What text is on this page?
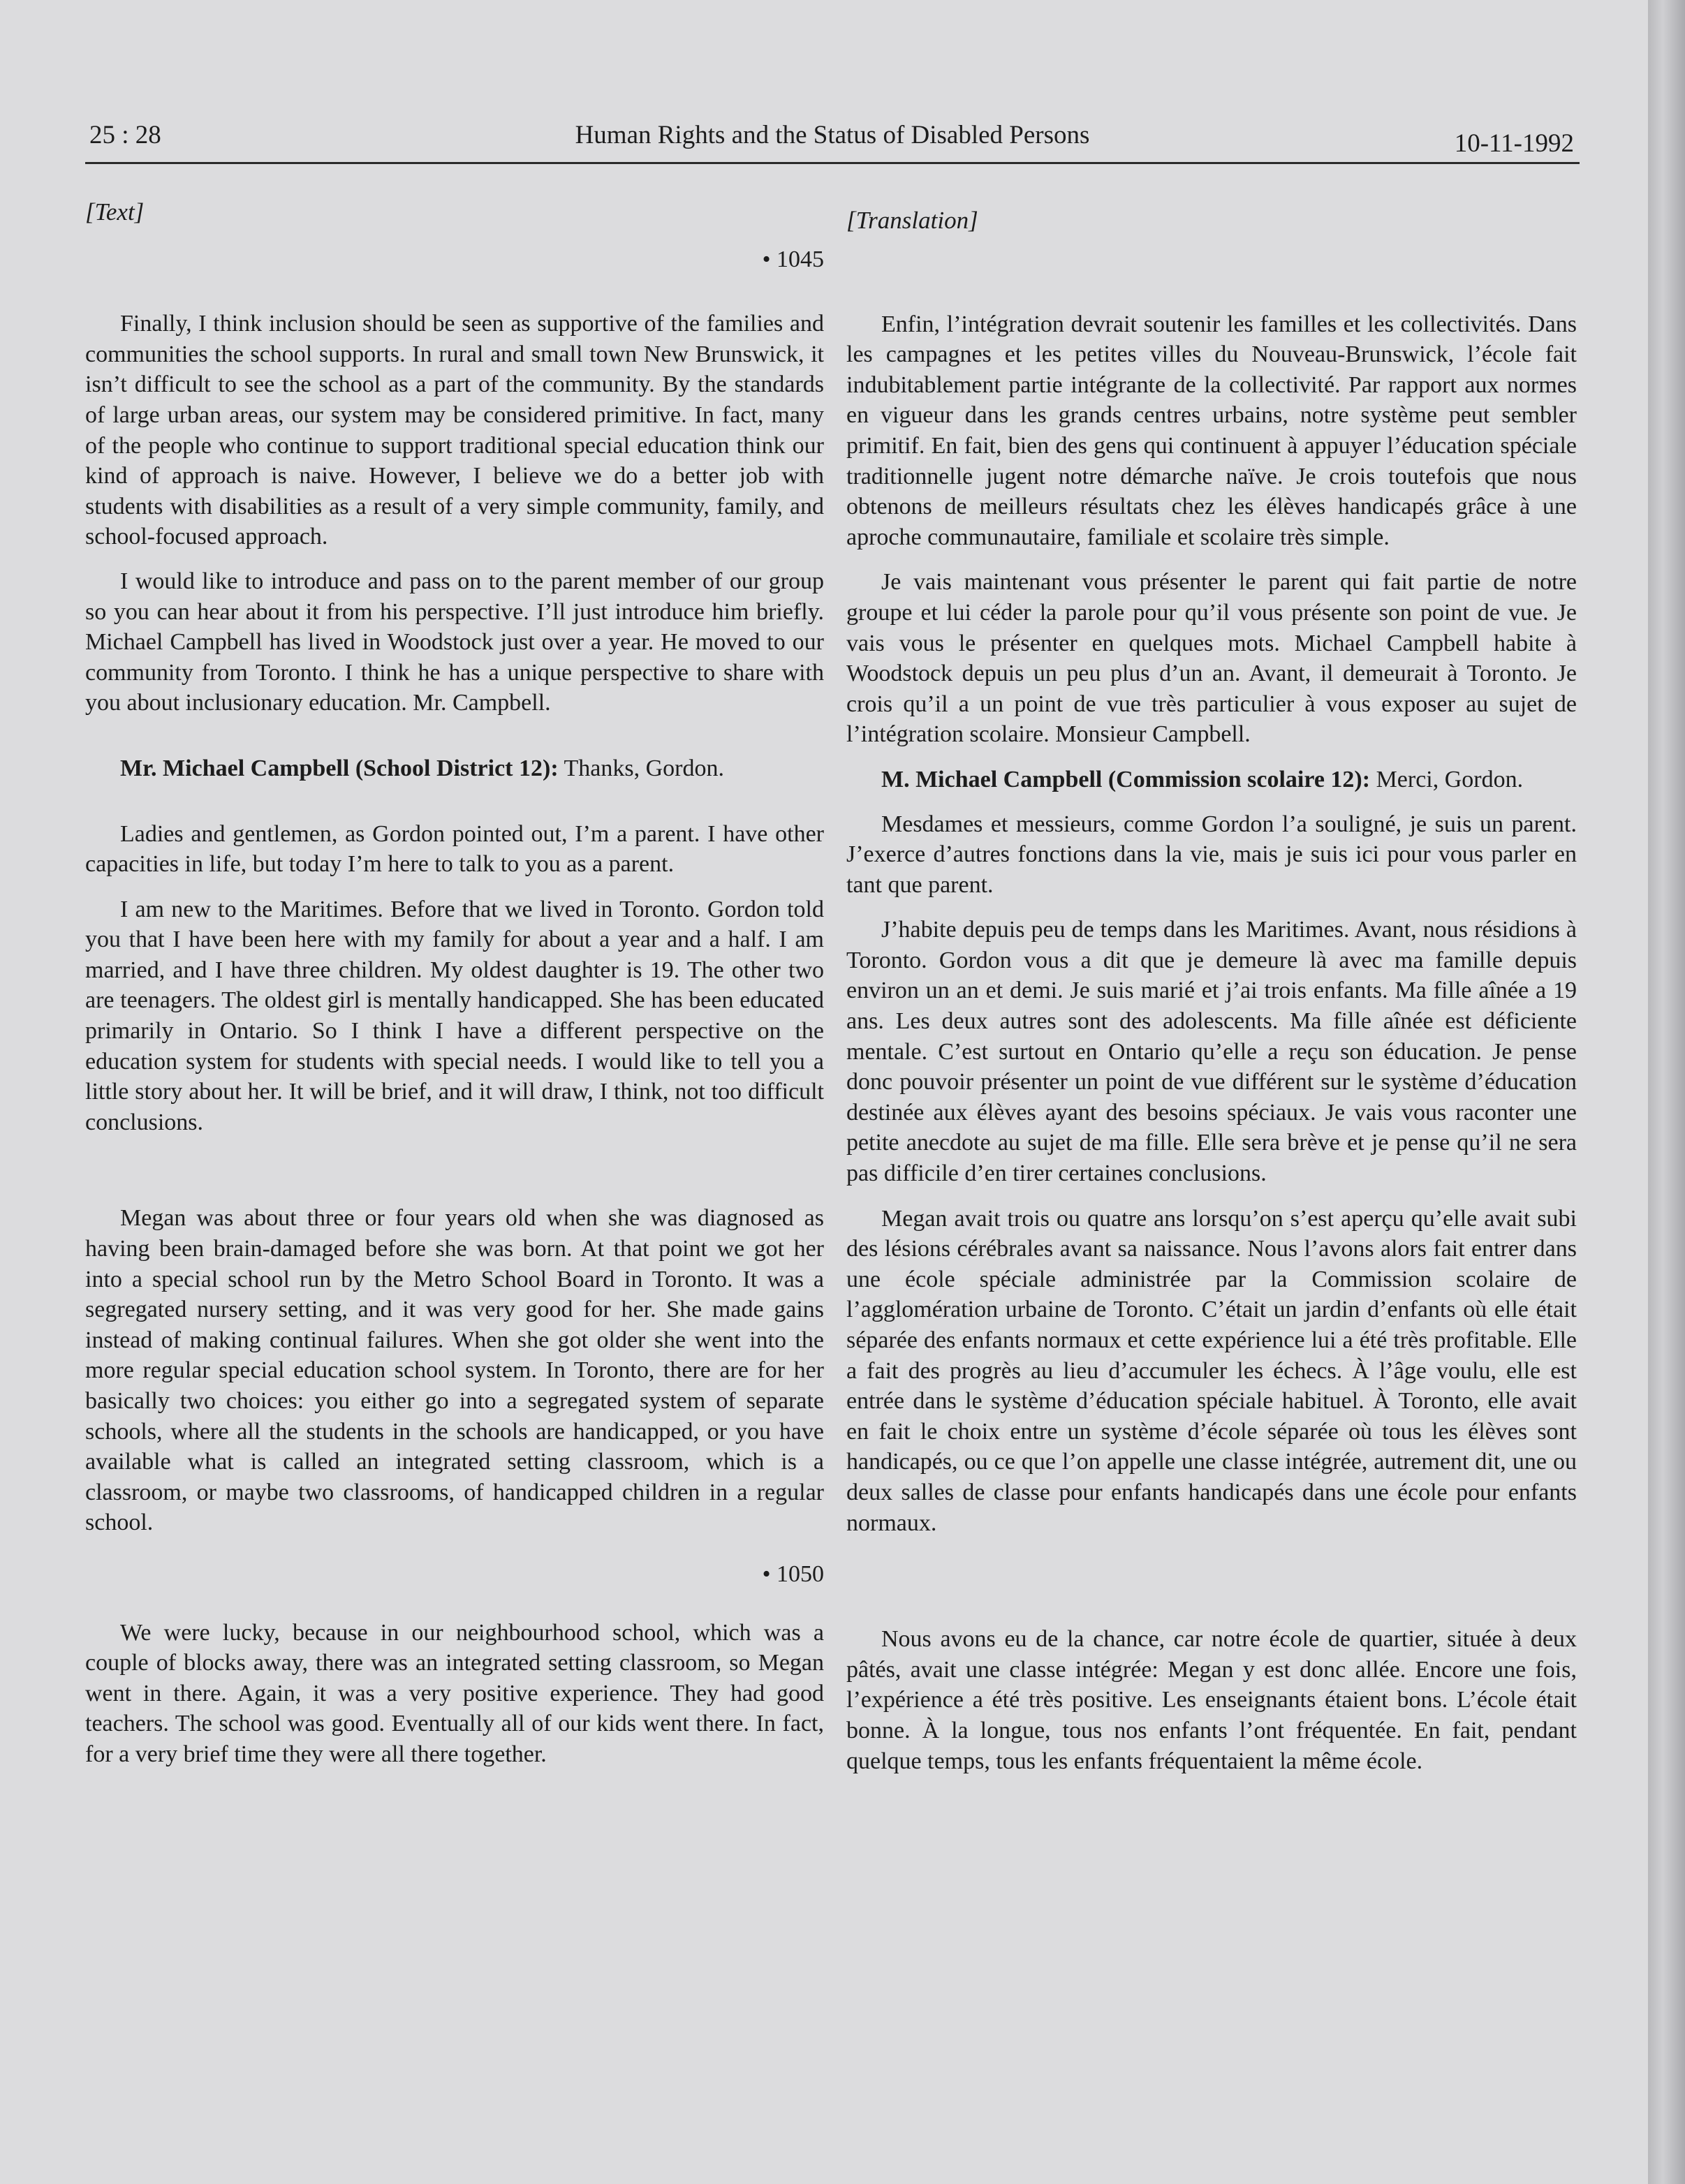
25 : 28	Human Rights and the Status of Disabled Persons	10-11-1992
[Text]
• 1045

Finally, I think inclusion should be seen as supportive of the families and communities the school supports. In rural and small town New Brunswick, it isn’t difficult to see the school as a part of the community. By the standards of large urban areas, our system may be considered primitive. In fact, many of the people who continue to support traditional special education think our kind of approach is naive. However, I believe we do a better job with students with disabilities as a result of a very simple community, family, and school-focused approach.

I would like to introduce and pass on to the parent member of our group so you can hear about it from his perspective. I’ll just introduce him briefly. Michael Campbell has lived in Woodstock just over a year. He moved to our community from Toronto. I think he has a unique perspective to share with you about inclusionary education. Mr. Campbell.

Mr. Michael Campbell (School District 12): Thanks, Gordon.

Ladies and gentlemen, as Gordon pointed out, I’m a parent. I have other capacities in life, but today I’m here to talk to you as a parent.

I am new to the Maritimes. Before that we lived in Toronto. Gordon told you that I have been here with my family for about a year and a half. I am married, and I have three children. My oldest daughter is 19. The other two are teenagers. The oldest girl is mentally handicapped. She has been educated primarily in Ontario. So I think I have a different perspective on the education system for students with special needs. I would like to tell you a little story about her. It will be brief, and it will draw, I think, not too difficult conclusions.

Megan was about three or four years old when she was diagnosed as having been brain-damaged before she was born. At that point we got her into a special school run by the Metro School Board in Toronto. It was a segregated nursery setting, and it was very good for her. She made gains instead of making continual failures. When she got older she went into the more regular special education school system. In Toronto, there are for her basically two choices: you either go into a segregated system of separate schools, where all the students in the schools are handicapped, or you have available what is called an integrated setting classroom, which is a classroom, or maybe two classrooms, of handicapped children in a regular school.

• 1050

We were lucky, because in our neighbourhood school, which was a couple of blocks away, there was an integrated setting classroom, so Megan went in there. Again, it was a very positive experience. They had good teachers. The school was good. Eventually all of our kids went there. In fact, for a very brief time they were all there together.

[Translation]

Enfin, l’intégration devrait soutenir les familles et les collectivités. Dans les campagnes et les petites villes du Nouveau-Brunswick, l’école fait indubitablement partie intégrante de la collectivité. Par rapport aux normes en vigueur dans les grands centres urbains, notre système peut sembler primitif. En fait, bien des gens qui continuent à appuyer l’éducation spéciale traditionnelle jugent notre démarche naïve. Je crois toutefois que nous obtenons de meilleurs résultats chez les élèves handicapés grâce à une aproche communautaire, familiale et scolaire très simple.

Je vais maintenant vous présenter le parent qui fait partie de notre groupe et lui céder la parole pour qu’il vous présente son point de vue. Je vais vous le présenter en quelques mots. Michael Campbell habite à Woodstock depuis un peu plus d’un an. Avant, il demeurait à Toronto. Je crois qu’il a un point de vue très particulier à vous exposer au sujet de l’intégration scolaire. Monsieur Campbell.

M. Michael Campbell (Commission scolaire 12): Merci, Gordon.

Mesdames et messieurs, comme Gordon l’a souligné, je suis un parent. J’exerce d’autres fonctions dans la vie, mais je suis ici pour vous parler en tant que parent.

J’habite depuis peu de temps dans les Maritimes. Avant, nous résidions à Toronto. Gordon vous a dit que je demeure là avec ma famille depuis environ un an et demi. Je suis marié et j’ai trois enfants. Ma fille aînée a 19 ans. Les deux autres sont des adolescents. Ma fille aînée est déficiente mentale. C’est surtout en Ontario qu’elle a reçu son éducation. Je pense donc pouvoir présenter un point de vue différent sur le système d’éducation destinée aux élèves ayant des besoins spéciaux. Je vais vous raconter une petite anecdote au sujet de ma fille. Elle sera brève et je pense qu’il ne sera pas difficile d’en tirer certaines conclusions.

Megan avait trois ou quatre ans lorsqu’on s’est aperçu qu’elle avait subi des lésions cérébrales avant sa naissance. Nous l’avons alors fait entrer dans une école spéciale administrée par la Commission scolaire de l’agglomération urbaine de Toronto. C’était un jardin d’enfants où elle était séparée des enfants normaux et cette expérience lui a été très profitable. Elle a fait des progrès au lieu d’accumuler les échecs. À l’âge voulu, elle est entrée dans le système d’éducation spéciale habituel. À Toronto, elle avait en fait le choix entre un système d’école séparée où tous les élèves sont handicapés, ou ce que l’on appelle une classe intégrée, autrement dit, une ou deux salles de classe pour enfants handicapés dans une école pour enfants normaux.

Nous avons eu de la chance, car notre école de quartier, située à deux pâtés, avait une classe intégrée: Megan y est donc allée. Encore une fois, l’expérience a été très positive. Les enseignants étaient bons. L’école était bonne. À la longue, tous nos enfants l’ont fréquentée. En fait, pendant quelque temps, tous les enfants fréquentaient la même école.
